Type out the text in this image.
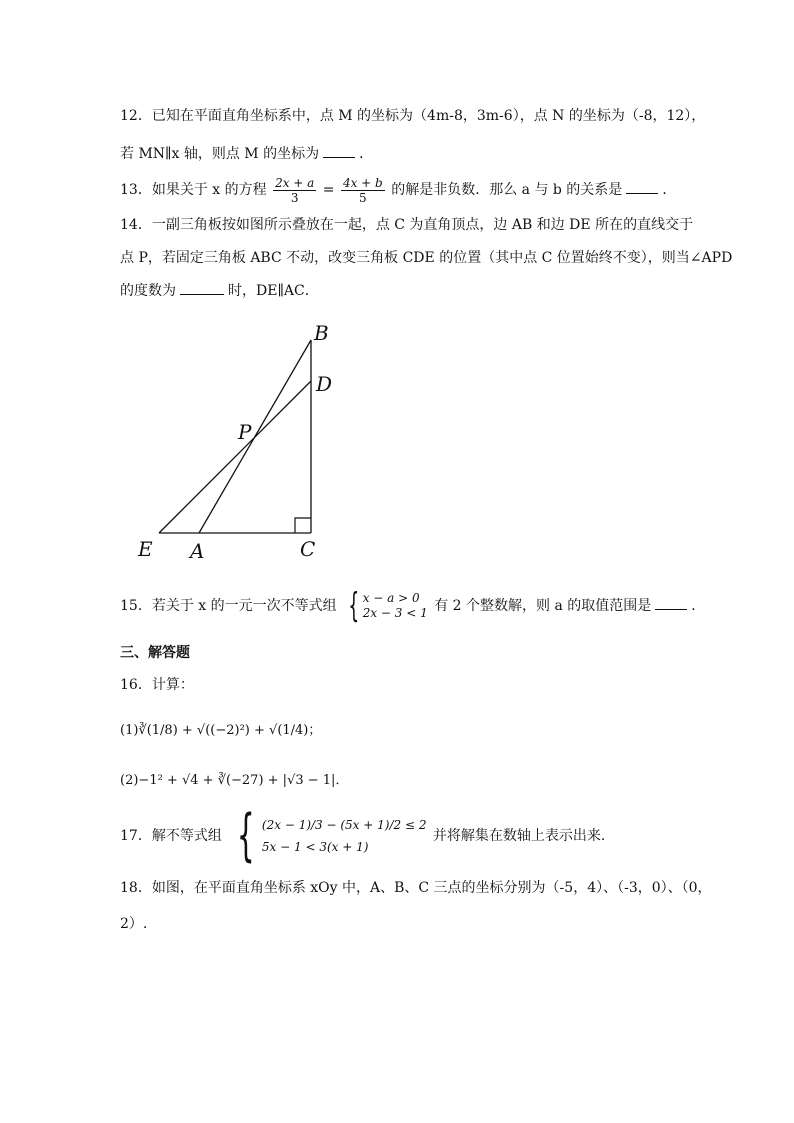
12．已知在平面直角坐标系中，点 M 的坐标为（4m-8，3m-6），点 N 的坐标为（-8，12），
若 MN∥x 轴，则点 M 的坐标为	．
13．如果关于 x 的方程 $\frac{2x + a}{3} = \frac{4x + b}{5}$ 的解是非负数．那么 a 与 b 的关系是	．
14．一副三角板按如图所示叠放在一起，点 C 为直角顶点，边 AB 和边 DE 所在的直线交于
点 P，若固定三角板 ABC 不动，改变三角板 CDE 的位置（其中点 C 位置始终不变），则当∠APD
的度数为	时，DE∥AC．
B
D
P
E A	C
15．若关于 x 的一元一次不等式组 { x − a > 0
2x − 3 < 1 有 2 个整数解，则 a 的取值范围是	．
三、解答题
16．计算：
(1)∛(1/8) + √((−2)²) + √(1/4)；
(2)−1² + √4 + ∛(−27) + |√3 − 1|．
17．解不等式组 { (2x − 1)/3 − (5x + 1)/2 ≤ 2
5x − 1 < 3(x + 1)
并将解集在数轴上表示出来.
18．如图，在平面直角坐标系 xOy 中，A、B、C 三点的坐标分别为（-5，4）、（-3，0）、（0，
2）.
